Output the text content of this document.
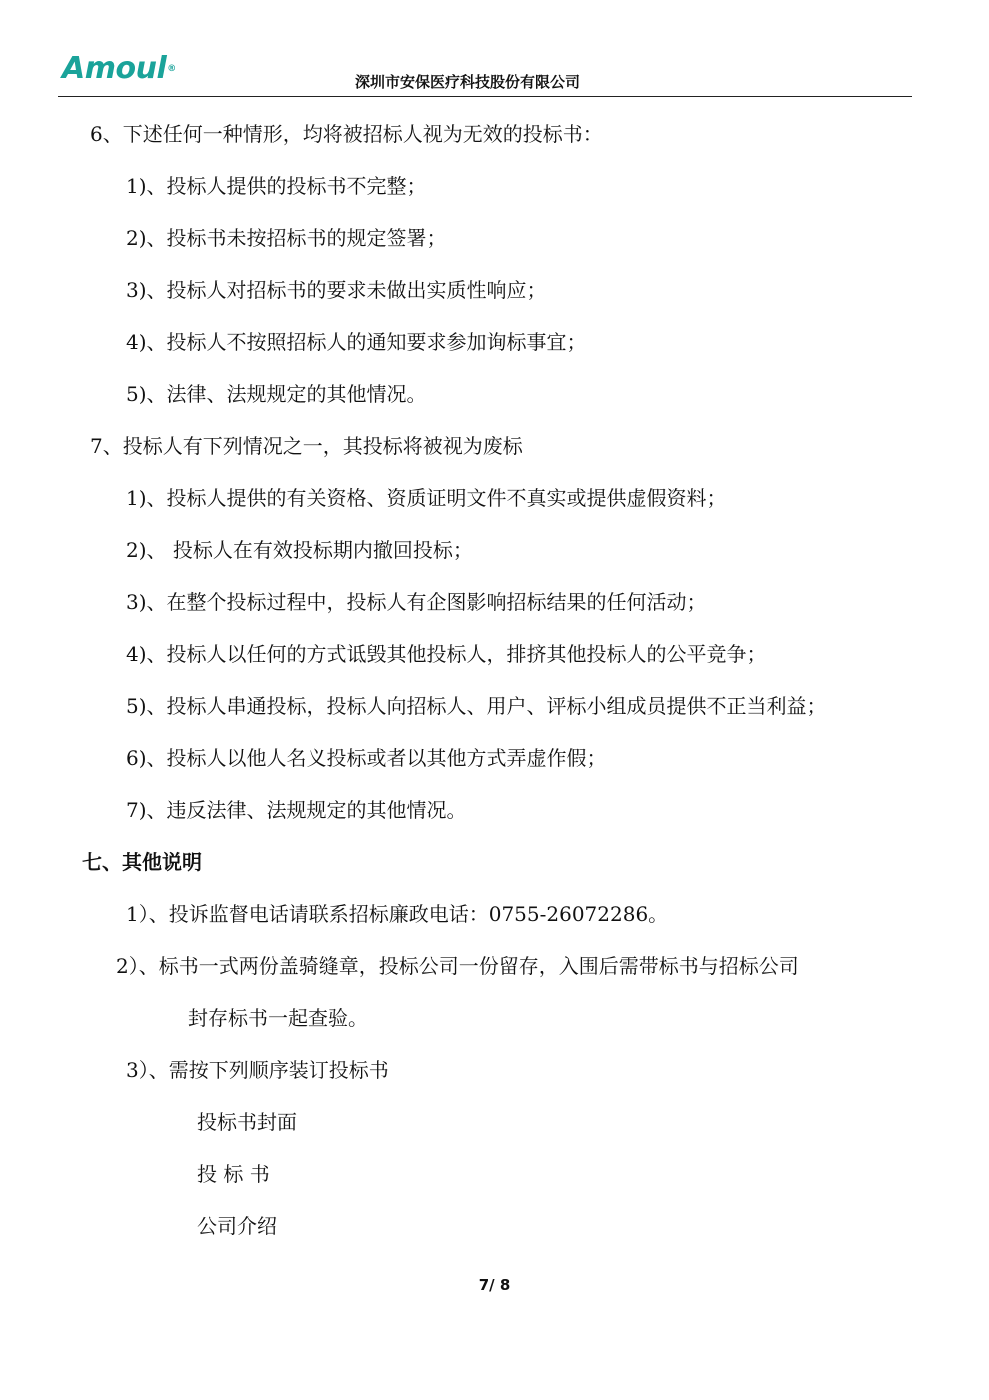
Amoul®
深圳市安保医疗科技股份有限公司
6、下述任何一种情形，均将被招标人视为无效的投标书：
1)、投标人提供的投标书不完整；
2)、投标书未按招标书的规定签署；
3)、投标人对招标书的要求未做出实质性响应；
4)、投标人不按照招标人的通知要求参加询标事宜；
5)、法律、法规规定的其他情况。
7、投标人有下列情况之一，其投标将被视为废标
1)、投标人提供的有关资格、资质证明文件不真实或提供虚假资料；
2)、 投标人在有效投标期内撤回投标；
3)、在整个投标过程中，投标人有企图影响招标结果的任何活动；
4)、投标人以任何的方式诋毁其他投标人，排挤其他投标人的公平竞争；
5)、投标人串通投标，投标人向招标人、用户、评标小组成员提供不正当利益；
6)、投标人以他人名义投标或者以其他方式弄虚作假；
7)、违反法律、法规规定的其他情况。
七、其他说明
1）、投诉监督电话请联系招标廉政电话：0755-26072286。
2）、标书一式两份盖骑缝章，投标公司一份留存，入围后需带标书与招标公司
封存标书一起查验。
3）、需按下列顺序装订投标书
投标书封面
投 标 书
公司介绍
7/ 8
